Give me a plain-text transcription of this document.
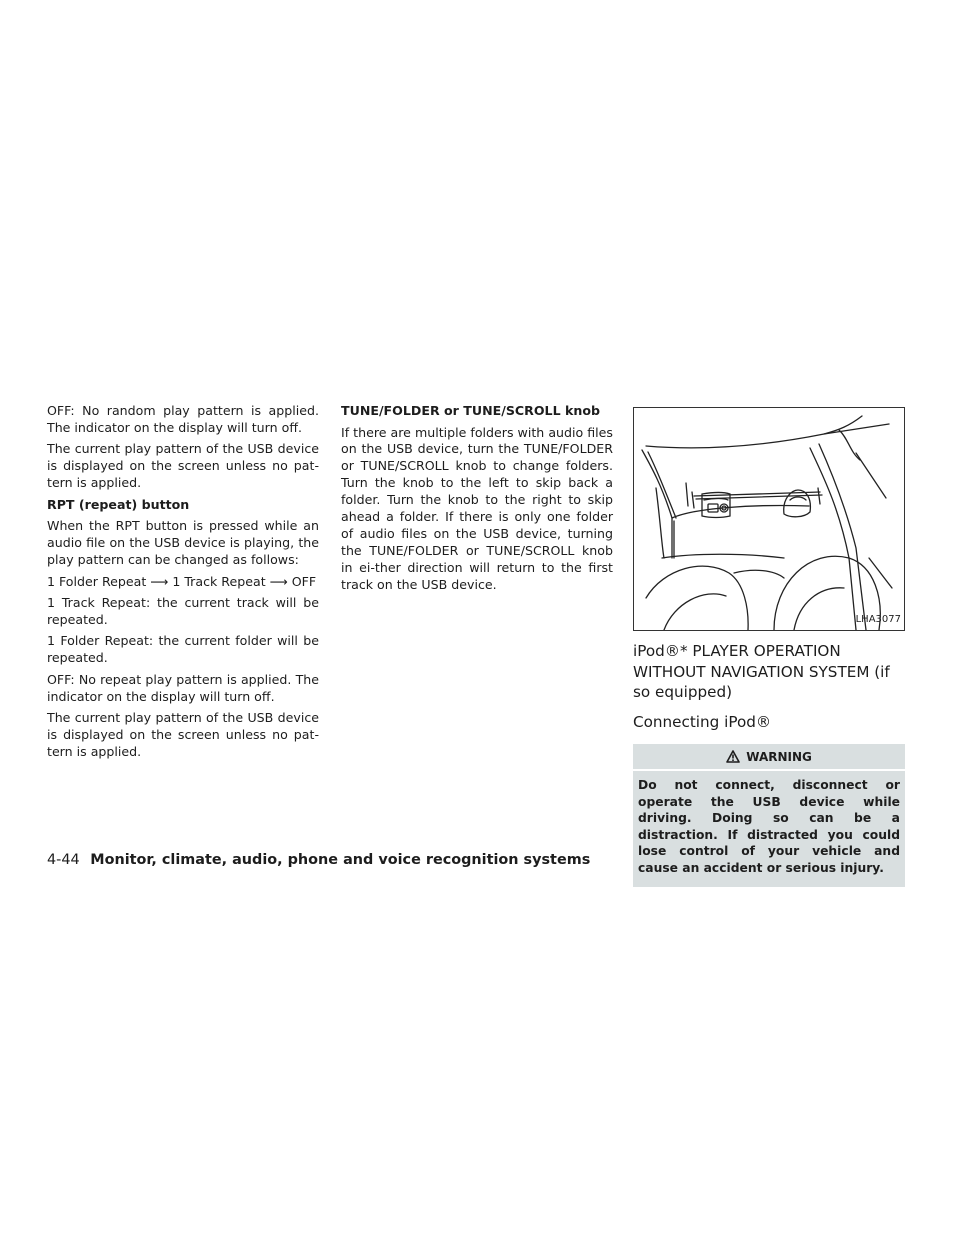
OFF: No random play pattern is applied. The indicator on the display will turn off.

The current play pattern of the USB device is displayed on the screen unless no pat-tern is applied.

RPT (repeat) button

When the RPT button is pressed while an audio file on the USB device is playing, the play pattern can be changed as follows:

1 Folder Repeat ⟶ 1 Track Repeat ⟶ OFF

1 Track Repeat: the current track will be repeated.

1 Folder Repeat: the current folder will be repeated.

OFF: No repeat play pattern is applied. The indicator on the display will turn off.

The current play pattern of the USB device is displayed on the screen unless no pat-tern is applied.

TUNE/FOLDER or TUNE/SCROLL knob

If there are multiple folders with audio files on the USB device, turn the TUNE/FOLDER or TUNE/SCROLL knob to change folders. Turn the knob to the left to skip back a folder. Turn the knob to the right to skip ahead a folder. If there is only one folder of audio files on the USB device, turning the TUNE/FOLDER or TUNE/SCROLL knob in ei-ther direction will return to the first track on the USB device.

LHA3077
iPod®* PLAYER OPERATION WITHOUT NAVIGATION SYSTEM (if so equipped)
Connecting iPod®
WARNING

Do not connect, disconnect or operate the USB device while driving. Doing so can be a distraction. If distracted you could lose control of your vehicle and cause an accident or serious injury.

4-44 Monitor, climate, audio, phone and voice recognition systems
